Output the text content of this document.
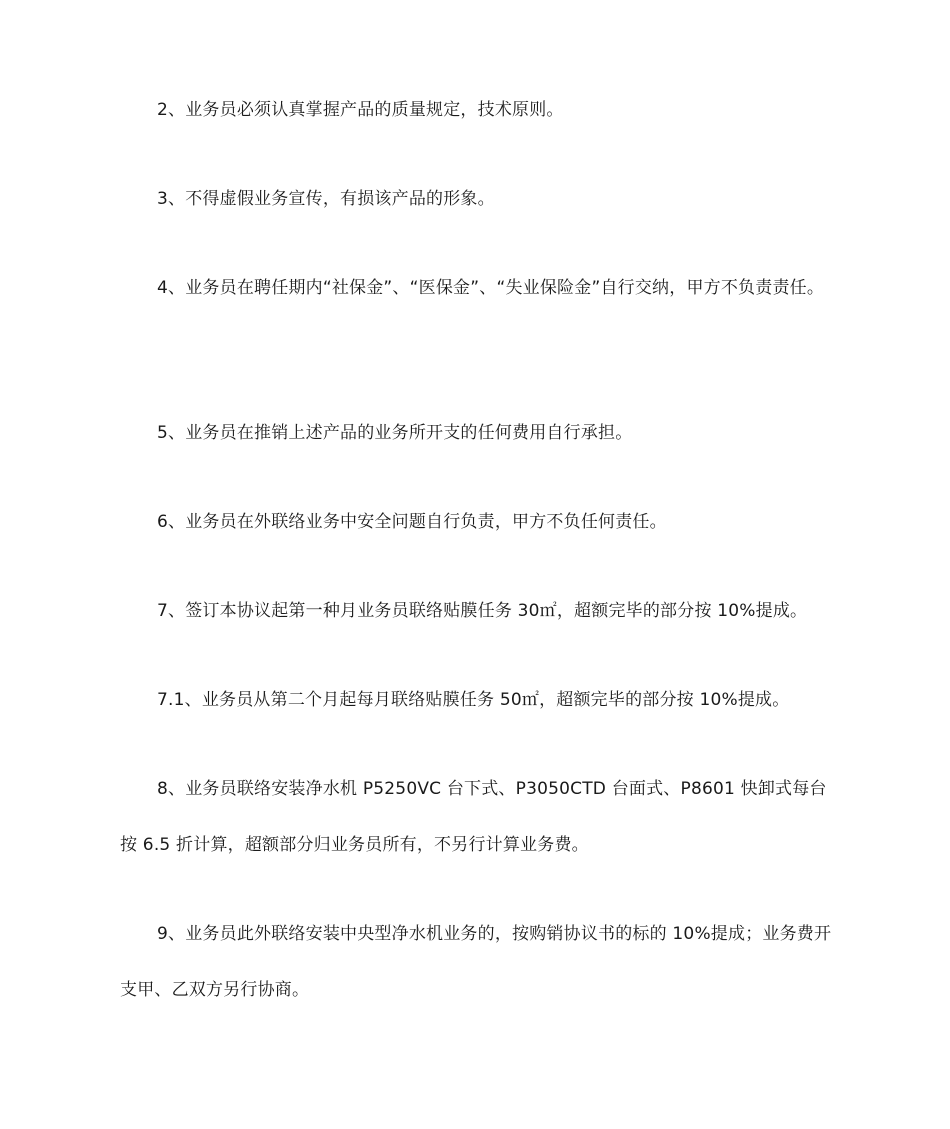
2、业务员必须认真掌握产品的质量规定，技术原则。

3、不得虚假业务宣传，有损该产品的形象。

4、业务员在聘任期内“社保金”、“医保金”、“失业保险金”自行交纳，甲方不负责责任。

5、业务员在推销上述产品的业务所开支的任何费用自行承担。

6、业务员在外联络业务中安全问题自行负责，甲方不负任何责任。

7、签订本协议起第一种月业务员联络贴膜任务 30㎡，超额完毕的部分按 10%提成。

7.1、业务员从第二个月起每月联络贴膜任务 50㎡，超额完毕的部分按 10%提成。

8、业务员联络安装净水机 P5250VC 台下式、P3050CTD 台面式、P8601 快卸式每台按 6.5 折计算，超额部分归业务员所有，不另行计算业务费。

9、业务员此外联络安装中央型净水机业务的，按购销协议书的标的 10%提成；业务费开支甲、乙双方另行协商。
